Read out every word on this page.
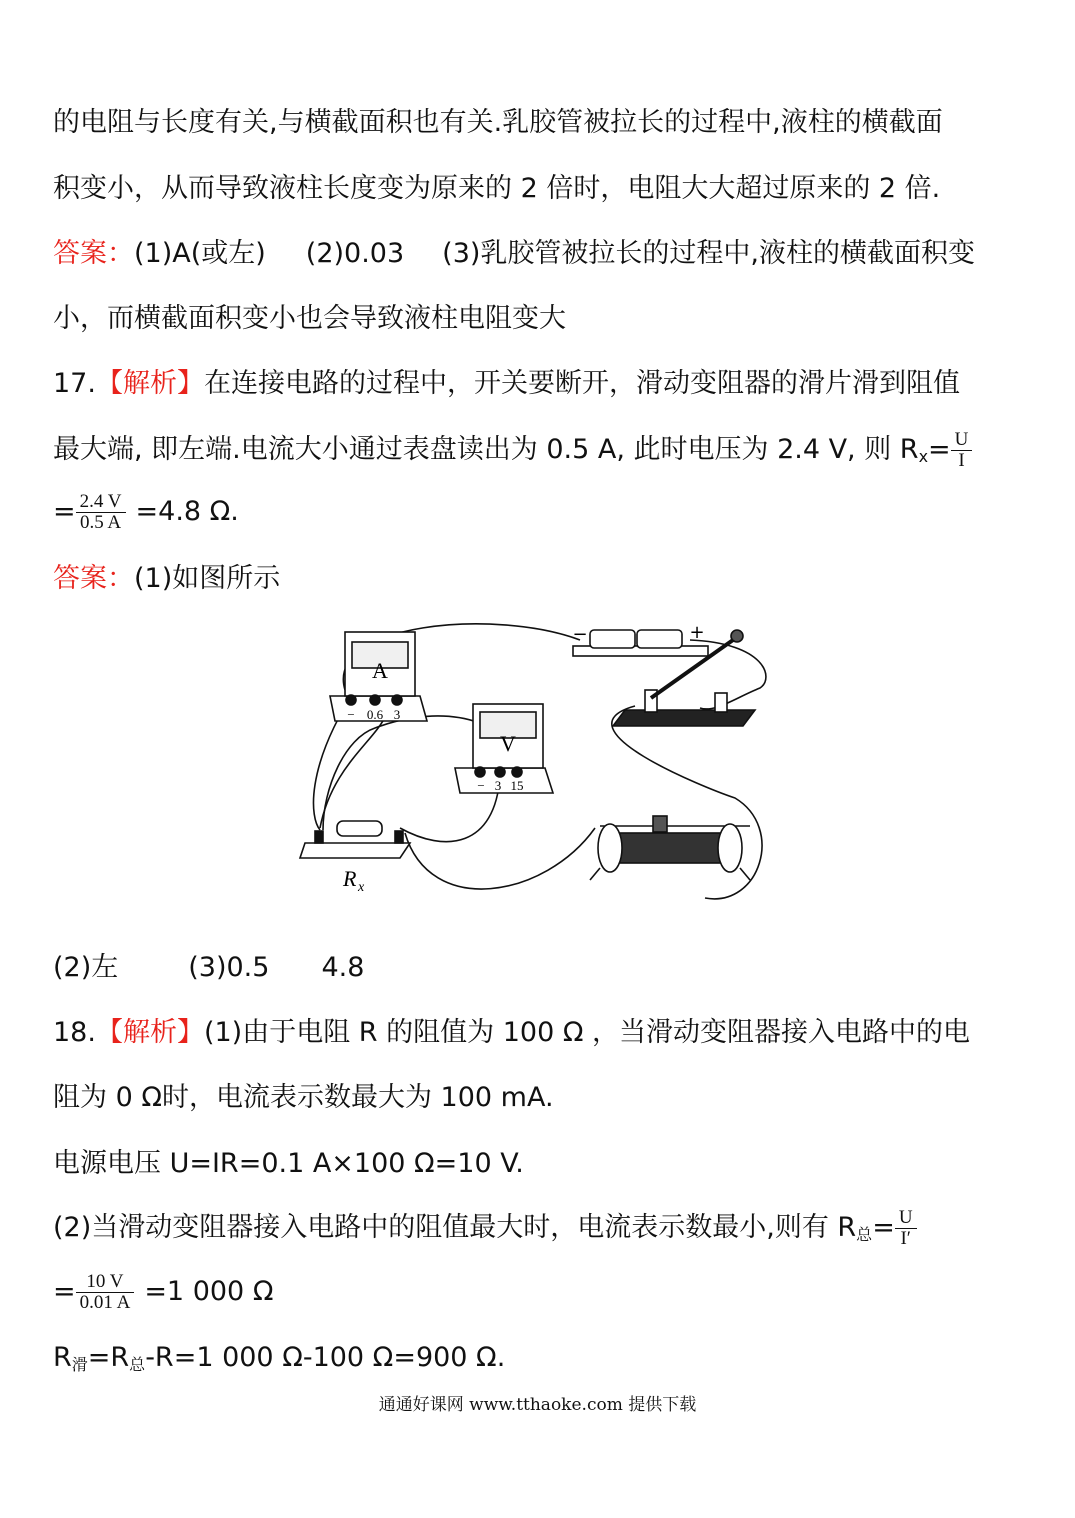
的电阻与长度有关,与横截面积也有关.乳胶管被拉长的过程中,液柱的横截面
积变小，从而导致液柱长度变为原来的 2 倍时，电阻大大超过原来的 2 倍.
答案：(1)A(或左) (2)0.03 (3)乳胶管被拉长的过程中,液柱的横截面积变
小，而横截面积变小也会导致液柱电阻变大
17.【解析】在连接电路的过程中，开关要断开，滑动变阻器的滑片滑到阻值
最大端, 即左端.电流大小通过表盘读出为 0.5 A, 此时电压为 2.4 V, 则 $R_x= \frac{U}{I}$
= $\frac{2.4 V}{0.5 A} =4.8$ Ω.
答案：(1)如图所示
A
− 0.6 3
V
− 3 15
−	+
R x
(2)左	(3)0.5 4.8
18.【解析】(1)由于电阻 R 的阻值为 100 Ω ，当滑动变阻器接入电路中的电
阻为 0 Ω时，电流表示数最大为 100 mA.
电源电压 U=IR=0.1 A×100 Ω=10 V.
(2)当滑动变阻器接入电路中的阻值最大时，电流表示数最小,则有 $R_总= \frac{U}{I'}$
= $\frac{10 V}{0.01 A} =1$ 000 Ω
$R_滑=R_总-R=1$ 000 Ω-100 Ω=900 Ω.
通通好课网 www.tthaoke.com 提供下载
